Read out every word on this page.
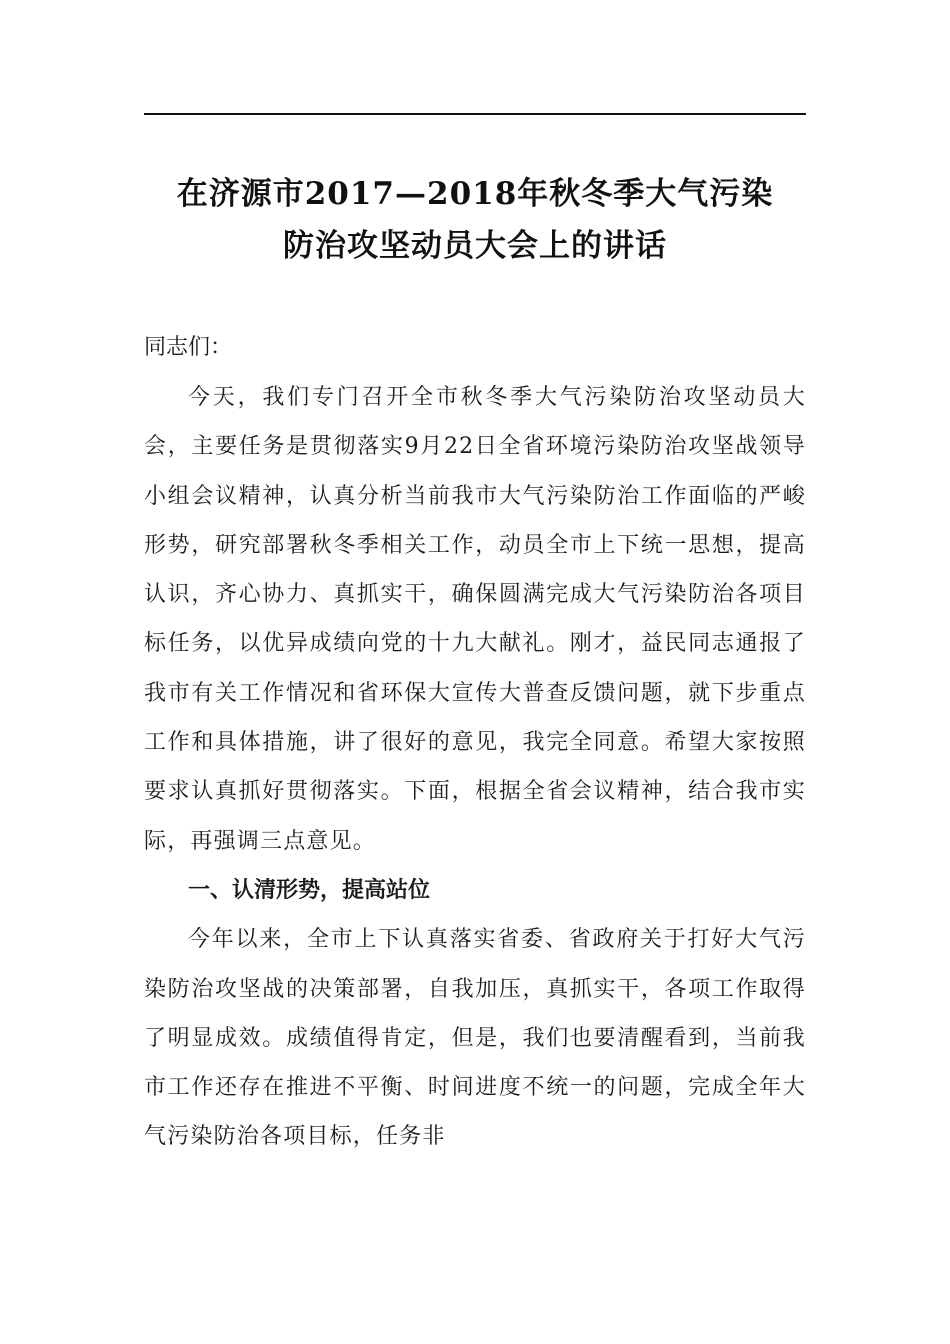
在济源市2017—2018年秋冬季大气污染
防治攻坚动员大会上的讲话
同志们：

今天，我们专门召开全市秋冬季大气污染防治攻坚动员大会，主要任务是贯彻落实9月22日全省环境污染防治攻坚战领导小组会议精神，认真分析当前我市大气污染防治工作面临的严峻形势，研究部署秋冬季相关工作，动员全市上下统一思想，提高认识，齐心协力、真抓实干，确保圆满完成大气污染防治各项目标任务，以优异成绩向党的十九大献礼。刚才，益民同志通报了我市有关工作情况和省环保大宣传大普查反馈问题，就下步重点工作和具体措施，讲了很好的意见，我完全同意。希望大家按照要求认真抓好贯彻落实。下面，根据全省会议精神，结合我市实际，再强调三点意见。

一、认清形势，提高站位

今年以来，全市上下认真落实省委、省政府关于打好大气污染防治攻坚战的决策部署，自我加压，真抓实干，各项工作取得了明显成效。成绩值得肯定，但是，我们也要清醒看到，当前我市工作还存在推进不平衡、时间进度不统一的问题，完成全年大气污染防治各项目标，任务非
